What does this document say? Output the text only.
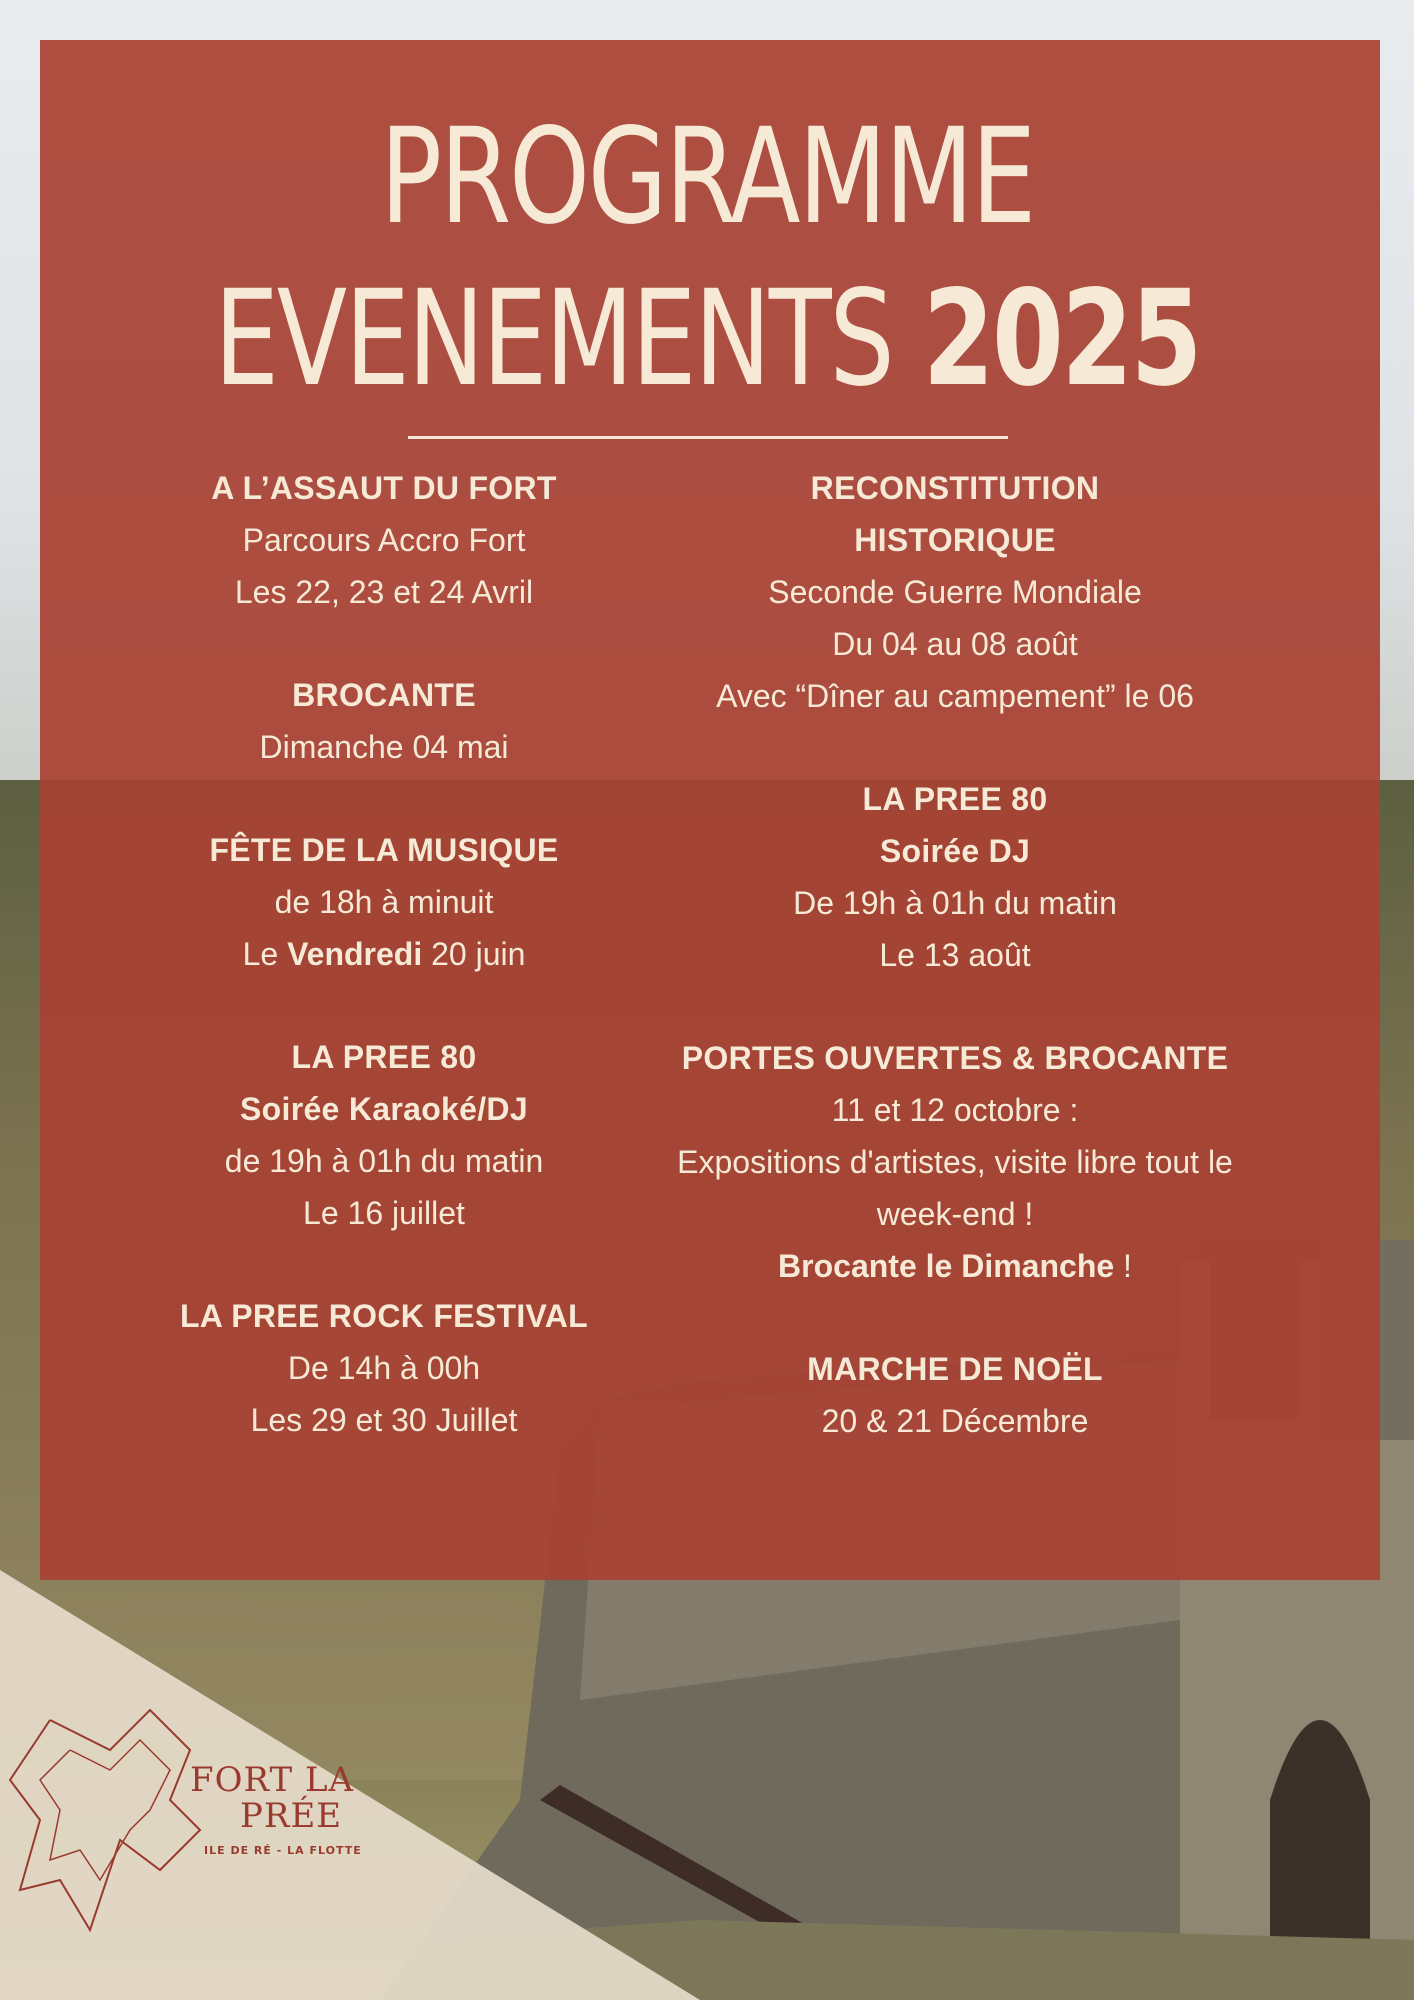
PROGRAMME
EVENEMENTS 2025

A L’ASSAUT DU FORT

Parcours Accro Fort

Les 22, 23 et 24 Avril

BROCANTE

Dimanche 04 mai

FÊTE DE LA MUSIQUE

de 18h à minuit

Le Vendredi 20 juin

LA PREE 80

Soirée Karaoké/DJ

de 19h à 01h du matin

Le 16 juillet

LA PREE ROCK FESTIVAL

De 14h à 00h

Les 29 et 30 Juillet

RECONSTITUTION

HISTORIQUE

Seconde Guerre Mondiale

Du 04 au 08 août

Avec “Dîner au campement” le 06

LA PREE 80

Soirée DJ

De 19h à 01h du matin

Le 13 août

PORTES OUVERTES & BROCANTE

11 et 12 octobre :

Expositions d'artistes, visite libre tout le

week-end !

Brocante le Dimanche !

MARCHE DE NOËL

20 & 21 Décembre

FORT LA
PRÉE
ILE DE RÉ - LA FLOTTE
